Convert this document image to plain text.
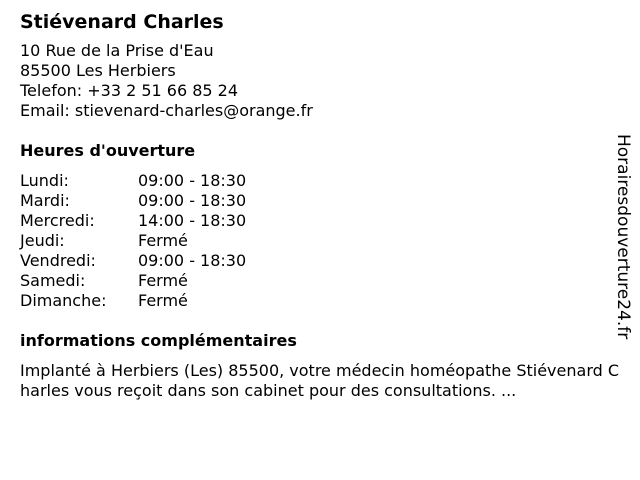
Stiévenard Charles
10 Rue de la Prise d'Eau
85500 Les Herbiers
Telefon: +33 2 51 66 85 24
Email: stievenard-charles@orange.fr
Heures d'ouverture
Lundi:	09:00 - 18:30
Mardi:	09:00 - 18:30
Mercredi:	14:00 - 18:30
Jeudi:	Fermé
Vendredi:	09:00 - 18:30
Samedi:	Fermé
Dimanche:	Fermé
informations complémentaires
Implanté à Herbiers (Les) 85500, votre médecin homéopathe Stiévenard Charles vous reçoit dans son cabinet pour des consultations. ...
Horairesdouverture24.fr
